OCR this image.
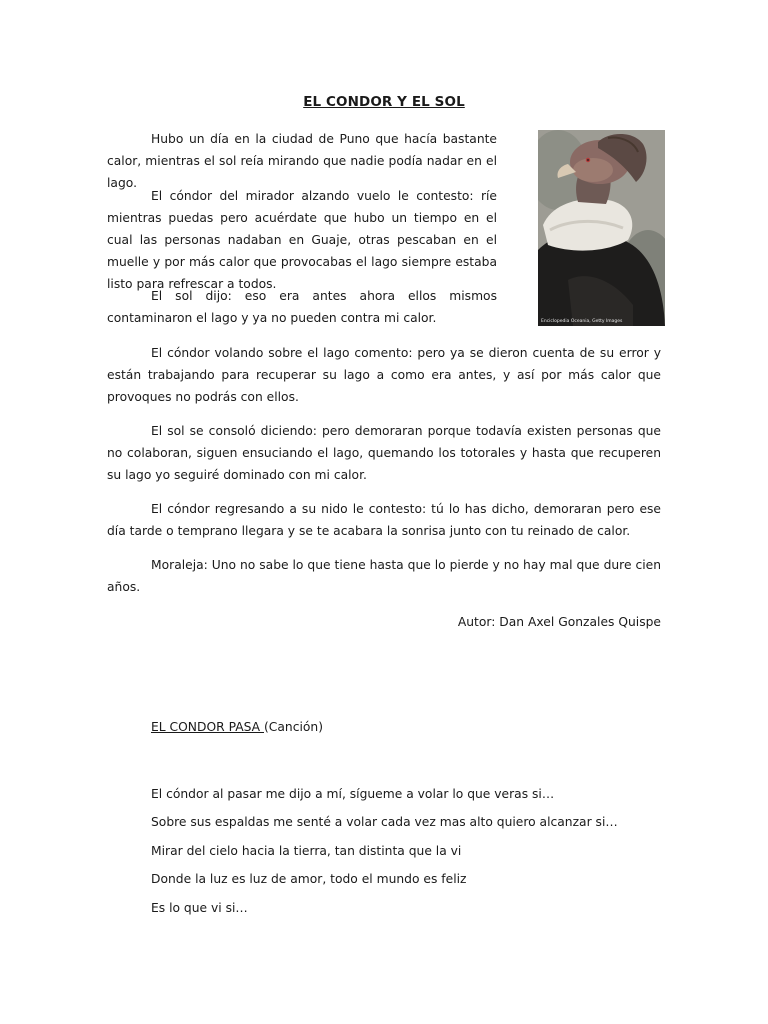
EL CONDOR Y EL SOL
Enciclopedia Oceania, Getty Images

Hubo un día en la ciudad de Puno que hacía bastante calor, mientras el sol reía mirando que nadie podía nadar en el lago.

El cóndor del mirador alzando vuelo le contesto: ríe mientras puedas pero acuérdate que hubo un tiempo en el cual las personas nadaban en Guaje, otras pescaban en el muelle y por más calor que provocabas el lago siempre estaba listo para refrescar a todos.

El sol dijo: eso era antes ahora ellos mismos contaminaron el lago y ya no pueden contra mi calor.

El cóndor volando sobre el lago comento: pero ya se dieron cuenta de su error y están trabajando para recuperar su lago a como era antes, y así por más calor que provoques no podrás con ellos.

El sol se consoló diciendo: pero demoraran porque todavía existen personas que no colaboran, siguen ensuciando el lago, quemando los totorales y hasta que recuperen su lago yo seguiré dominado con mi calor.

El cóndor regresando a su nido le contesto: tú lo has dicho, demoraran pero ese día tarde o temprano llegara y se te acabara la sonrisa junto con tu reinado de calor.

Moraleja: Uno no sabe lo que tiene hasta que lo pierde y no hay mal que dure cien años.

Autor: Dan Axel Gonzales Quispe
EL CONDOR PASA (Canción)
El cóndor al pasar me dijo a mí, sígueme a volar lo que veras si…
Sobre sus espaldas me senté a volar cada vez mas alto quiero alcanzar si…
Mirar del cielo hacia la tierra, tan distinta que la vi
Donde la luz es luz de amor, todo el mundo es feliz
Es lo que vi si…
